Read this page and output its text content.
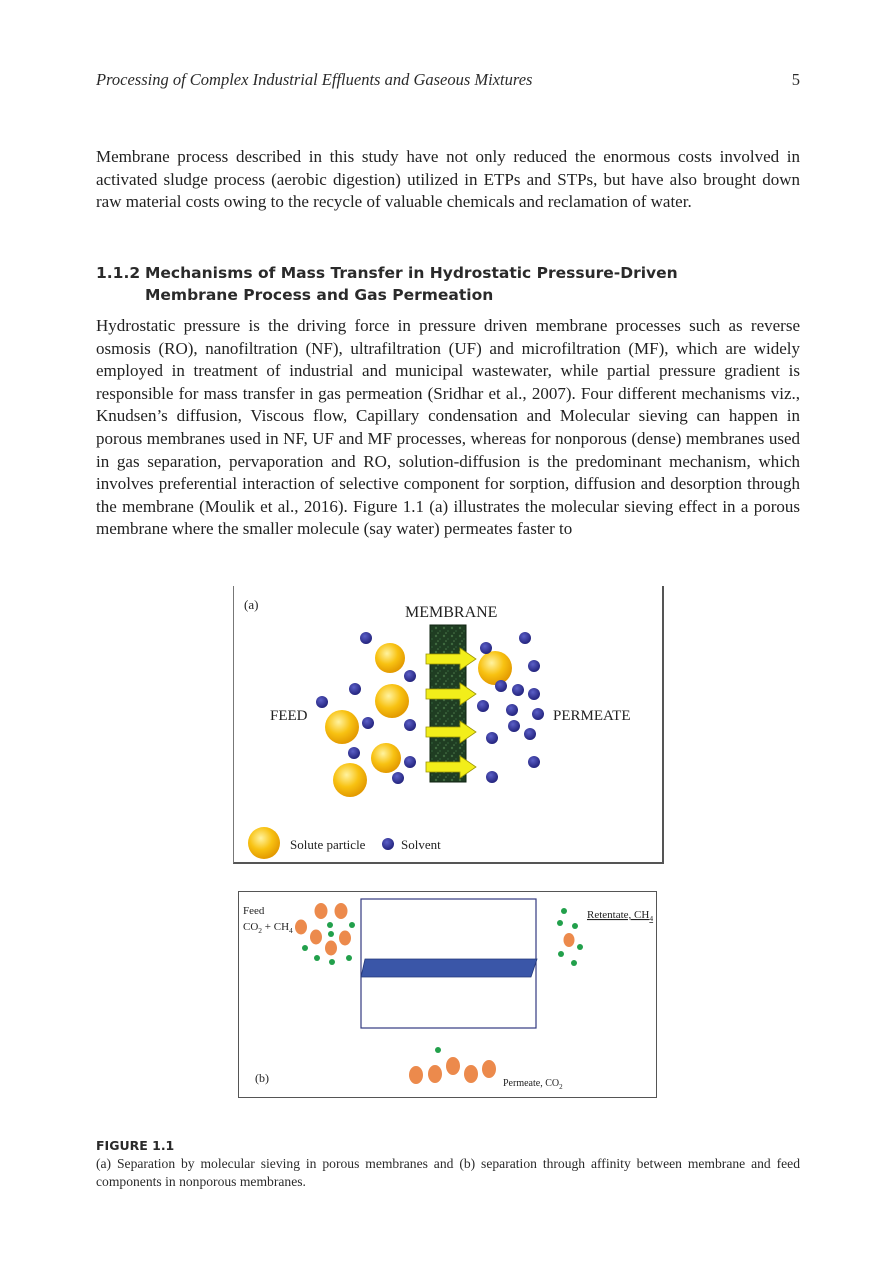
Processing of Complex Industrial Effluents and Gaseous Mixtures	5

Membrane process described in this study have not only reduced the enormous costs involved in activated sludge process (aerobic digestion) utilized in ETPs and STPs, but have also brought down raw material costs owing to the recycle of valuable chemicals and reclamation of water.

1.1.2 Mechanisms of Mass Transfer in Hydrostatic Pressure-Driven
Membrane Process and Gas Permeation

Hydrostatic pressure is the driving force in pressure driven membrane processes such as reverse osmosis (RO), nanofiltration (NF), ultrafiltration (UF) and microfiltration (MF), which are widely employed in treatment of industrial and municipal wastewater, while partial pressure gradient is responsible for mass transfer in gas permeation (Sridhar et al., 2007). Four different mechanisms viz., Knudsen’s diffusion, Viscous flow, Capillary condensation and Molecular sieving can happen in porous membranes used in NF, UF and MF processes, whereas for nonporous (dense) membranes used in gas separation, pervaporation and RO, solution-diffusion is the predominant mechanism, which involves preferential interaction of selective component for sorption, diffusion and desorption through the membrane (Moulik et al., 2016). Figure 1.1 (a) illustrates the molecular sieving effect in a porous membrane where the smaller molecule (say water) permeates faster to

(a)	MEMBRANE
FEED	PERMEATE
Solute particle	Solvent
Feed
$CO_2 + CH_4$
Retentate, $CH_4$
Permeate, $CO_2$
(b)
FIGURE 1.1

(a) Separation by molecular sieving in porous membranes and (b) separation through affinity between membrane and feed components in nonporous membranes.
